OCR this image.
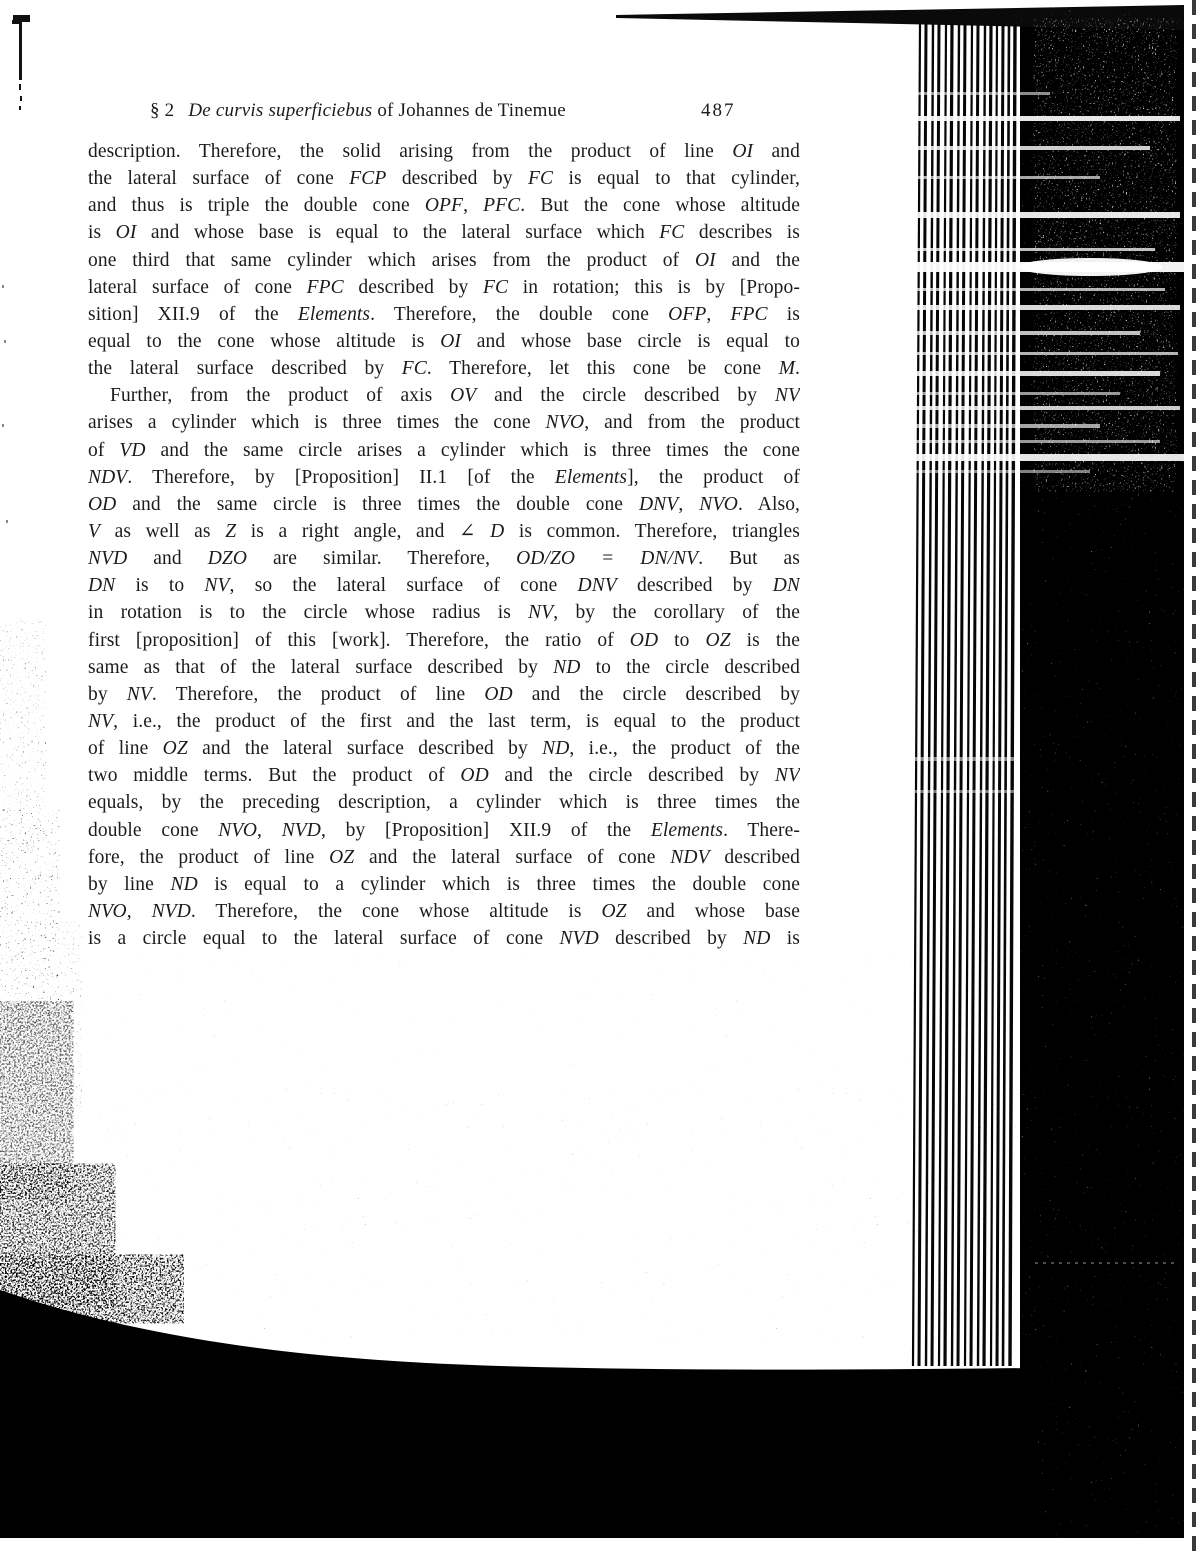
§ 2 De curvis superficiebus of Johannes de Tinemue	487
description. Therefore, the solid arising from the product of line OI and
the lateral surface of cone FCP described by FC is equal to that cylinder,
and thus is triple the double cone OPF, PFC. But the cone whose altitude
is OI and whose base is equal to the lateral surface which FC describes is
one third that same cylinder which arises from the product of OI and the
lateral surface of cone FPC described by FC in rotation; this is by [Propo-
sition] XII.9 of the Elements. Therefore, the double cone OFP, FPC is
equal to the cone whose altitude is OI and whose base circle is equal to
the lateral surface described by FC. Therefore, let this cone be cone M.
Further, from the product of axis OV and the circle described by NV
arises a cylinder which is three times the cone NVO, and from the product
of VD and the same circle arises a cylinder which is three times the cone
NDV. Therefore, by [Proposition] II.1 [of the Elements], the product of
OD and the same circle is three times the double cone DNV, NVO. Also,
V as well as Z is a right angle, and ∠ D is common. Therefore, triangles
NVD and DZO are similar. Therefore, OD/ZO = DN/NV. But as
DN is to NV, so the lateral surface of cone DNV described by DN
in rotation is to the circle whose radius is NV, by the corollary of the
first [proposition] of this [work]. Therefore, the ratio of OD to OZ is the
same as that of the lateral surface described by ND to the circle described
by NV. Therefore, the product of line OD and the circle described by
NV, i.e., the product of the first and the last term, is equal to the product
of line OZ and the lateral surface described by ND, i.e., the product of the
two middle terms. But the product of OD and the circle described by NV
equals, by the preceding description, a cylinder which is three times the
double cone NVO, NVD, by [Proposition] XII.9 of the Elements. There-
fore, the product of line OZ and the lateral surface of cone NDV described
by line ND is equal to a cylinder which is three times the double cone
NVO, NVD. Therefore, the cone whose altitude is OZ and whose base
is a circle equal to the lateral surface of cone NVD described by ND is
